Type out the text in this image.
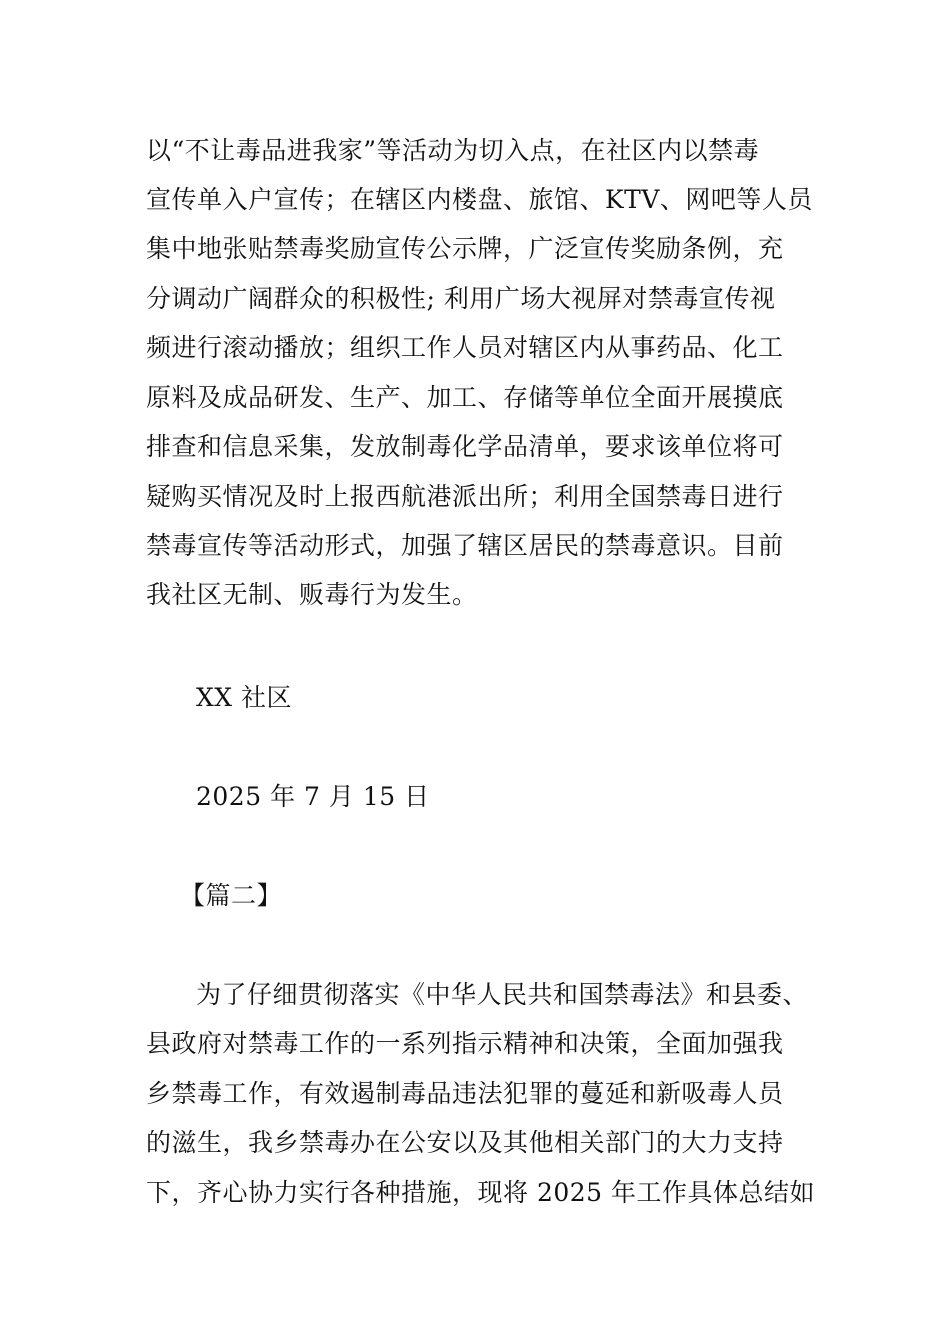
以“不让毒品进我家”等活动为切入点，在社区内以禁毒
宣传单入户宣传；在辖区内楼盘、旅馆、KTV、网吧等人员
集中地张贴禁毒奖励宣传公示牌，广泛宣传奖励条例，充
分调动广阔群众的积极性; 利用广场大视屏对禁毒宣传视
频进行滚动播放；组织工作人员对辖区内从事药品、化工
原料及成品研发、生产、加工、存储等单位全面开展摸底
排查和信息采集，发放制毒化学品清单，要求该单位将可
疑购买情况及时上报西航港派出所；利用全国禁毒日进行
禁毒宣传等活动形式，加强了辖区居民的禁毒意识。目前
我社区无制、贩毒行为发生。
XX 社区
2025 年 7 月 15 日
【篇二】
为了仔细贯彻落实《中华人民共和国禁毒法》和县委、
县政府对禁毒工作的一系列指示精神和决策，全面加强我
乡禁毒工作，有效遏制毒品违法犯罪的蔓延和新吸毒人员
的滋生，我乡禁毒办在公安以及其他相关部门的大力支持
下，齐心协力实行各种措施，现将 2025 年工作具体总结如
